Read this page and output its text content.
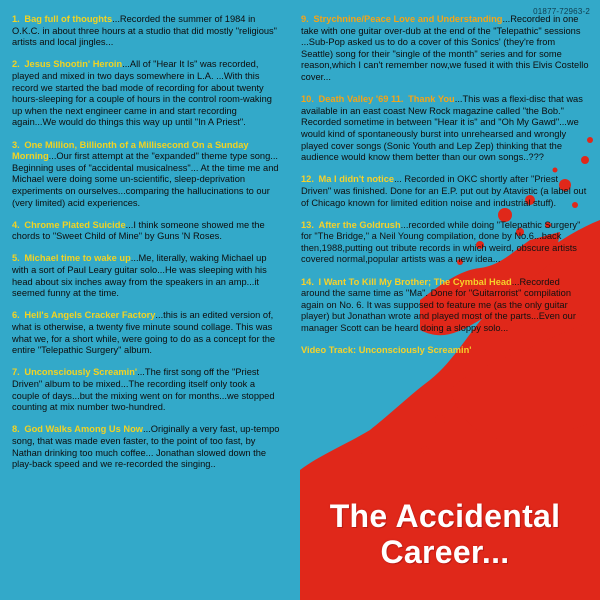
01877-72963-2
1. Bag full of thoughts...Recorded the summer of 1984 in O.K.C. in about three hours at a studio that did mostly "religious" artists and local jingles...
2. Jesus Shootin' Heroin...All of "Hear It Is" was recorded, played and mixed in two days somewhere in L.A. ...With this record we started the bad mode of recording for about twenty hours-sleeping for a couple of hours in the control room-waking up when the next engineer came in and start recording again...We would do things this way up until "In A Priest".
3. One Million, Billionth of a Millisecond On a Sunday Morning...Our first attempt at the "expanded" theme type song... Beginning uses of "accidental musicalness"... At the time me and Michael were doing some un-scientific, sleep-deprivation experiments on ourselves...comparing the hallucinations to our (very limited) acid experiences.
4. Chrome Plated Suicide...I think someone showed me the chords to "Sweet Child of Mine" by Guns 'N Roses.
5. Michael time to wake up...Me, literally, waking Michael up with a sort of Paul Leary guitar solo...He was sleeping with his head about six inches away from the speakers in an amp...it seemed funny at the time.
6. Hell's Angels Cracker Factory...this is an edited version of, what is otherwise, a twenty five minute sound collage. This was what we, for a short while, were going to do as a concept for the entire "Telepathic Surgery" album.
7. Unconsciously Screamin'...The first song off the "Priest Driven" album to be mixed...The recording itself only took a couple of days...but the mixing went on for months...we stopped counting at mix number two-hundred.
8. God Walks Among Us Now...Originally a very fast, up-tempo song, that was made even faster, to the point of too fast, by Nathan drinking too much coffee... Jonathan slowed down the play-back speed and we re-recorded the singing..
9. Strychnine/Peace Love and Understanding...Recorded in one take with one guitar over-dub at the end of the "Telepathic" sessions ...Sub-Pop asked us to do a cover of this Sonics' (they're from Seattle) song for their "single of the month" series and for some reason,which I can't remember now,we fused it with this Elvis Costello cover...
10. Death Valley '69 11. Thank You...This was a flexi-disc that was available in an east coast New Rock magazine called "the Bob." Recorded sometime in between "Hear it is" and "Oh My Gawd"...we would kind of spontaneously burst into unrehearsed and wrongly played cover songs (Sonic Youth and Lep Zep) thinking that the audience would know them better than our own songs..???
12. Ma I didn't notice... Recorded in OKC shortly after "Priest Driven" was finished. Done for an E.P. put out by Atavistic (a label out of Chicago known for limited edition noise and industrial stuff).
13. After the Goldrush...recorded while doing "Telepathic Surgery" for "The Bridge," a Neil Young compilation, done by No.6...back then,1988,putting out tribute records in which weird, obscure artists covered normal,popular artists was a new idea...
14. I Want To Kill My Brother; The Cymbal Head...Recorded around the same time as "Ma". Done for "Guitarrorist" compilation again on No. 6. It was supposed to feature me (as the only guitar player) but Jonathan wrote and played most of the parts...Even our manager Scott can be heard doing a sloppy solo...
Video Track: Unconsciously Screamin'
The Accidental
Career...
